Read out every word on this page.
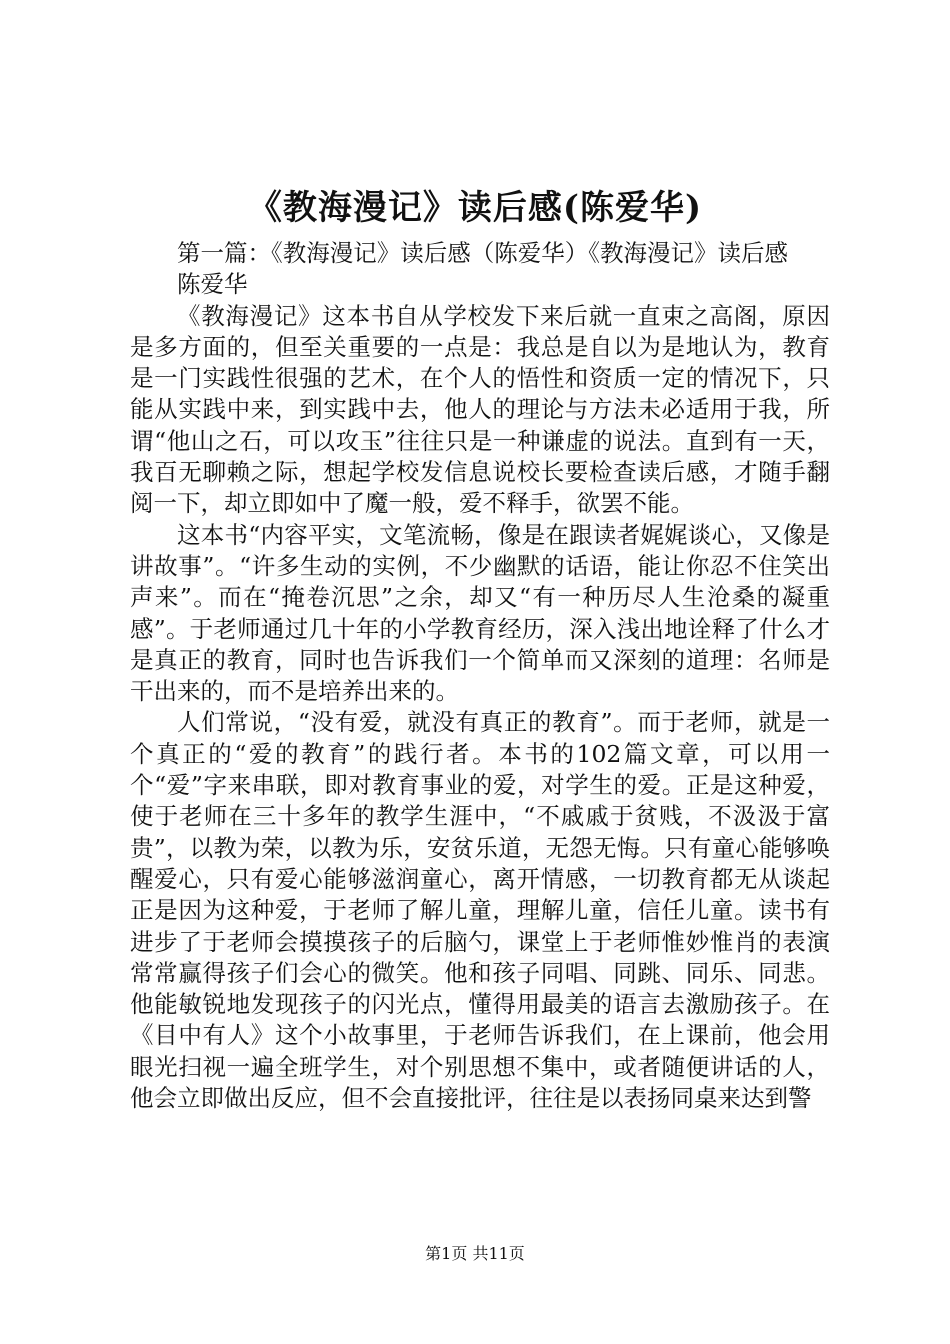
《教海漫记》读后感(陈爱华)

第一篇：《教海漫记》读后感（陈爱华）《教海漫记》读后感

陈爱华

《教海漫记》这本书自从学校发下来后就一直束之高阁，原因是多方面的，但至关重要的一点是：我总是自以为是地认为，教育是一门实践性很强的艺术，在个人的悟性和资质一定的情况下，只能从实践中来，到实践中去，他人的理论与方法未必适用于我，所谓“他山之石，可以攻玉”往往只是一种谦虚的说法。直到有一天，我百无聊赖之际，想起学校发信息说校长要检查读后感，才随手翻阅一下，却立即如中了魔一般，爱不释手，欲罢不能。

这本书“内容平实，文笔流畅，像是在跟读者娓娓谈心，又像是讲故事”。“许多生动的实例，不少幽默的话语，能让你忍不住笑出声来”。而在“掩卷沉思”之余，却又“有一种历尽人生沧桑的凝重感”。于老师通过几十年的小学教育经历，深入浅出地诠释了什么才是真正的教育，同时也告诉我们一个简单而又深刻的道理：名师是干出来的，而不是培养出来的。

人们常说，“没有爱，就没有真正的教育”。而于老师，就是一个真正的“爱的教育”的践行者。本书的102篇文章，可以用一个“爱”字来串联，即对教育事业的爱，对学生的爱。正是这种爱，使于老师在三十多年的教学生涯中，“不戚戚于贫贱，不汲汲于富贵”，以教为荣，以教为乐，安贫乐道，无怨无悔。只有童心能够唤醒爱心，只有爱心能够滋润童心，离开情感，一切教育都无从谈起正是因为这种爱，于老师了解儿童，理解儿童，信任儿童。读书有进步了于老师会摸摸孩子的后脑勺，课堂上于老师惟妙惟肖的表演常常赢得孩子们会心的微笑。他和孩子同唱、同跳、同乐、同悲。他能敏锐地发现孩子的闪光点，懂得用最美的语言去激励孩子。在《目中有人》这个小故事里，于老师告诉我们，在上课前，他会用眼光扫视一遍全班学生，对个别思想不集中，或者随便讲话的人，他会立即做出反应，但不会直接批评，往往是以表扬同桌来达到警

第1页 共11页
